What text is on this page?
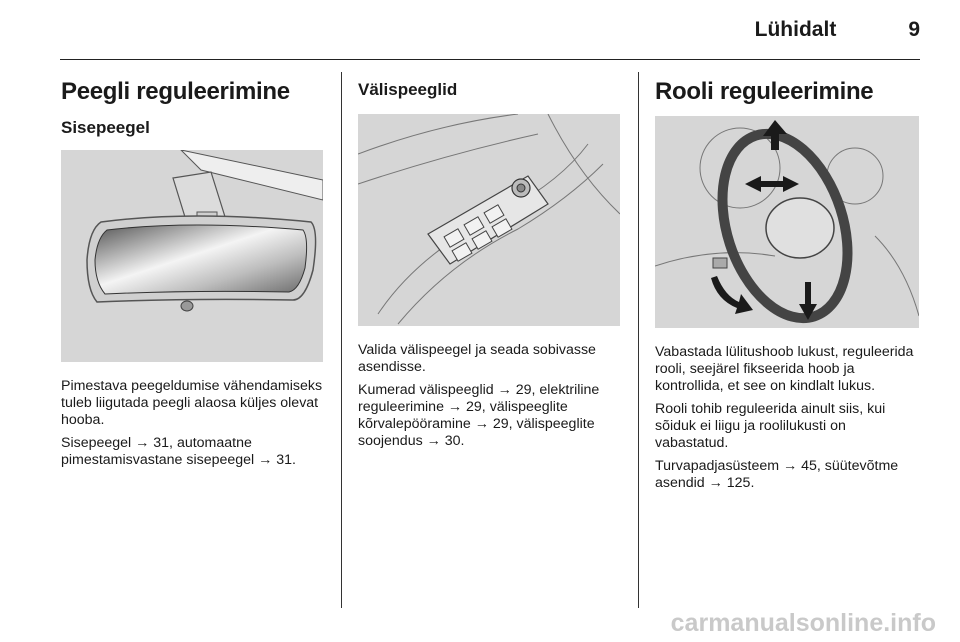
Lühidalt	9
Peegli reguleerimine
Sisepeegel

Pimestava peegeldumise vähendamiseks tuleb liigutada peegli alaosa küljes olevat hooba.

Sisepeegel → 31, automaatne pimestamisvastane sisepeegel → 31.

Välispeeglid

Valida välispeegel ja seada sobivasse asendisse.

Kumerad välispeeglid → 29, elektriline reguleerimine → 29, välispeeglite kõrvalepööramine → 29, välispeeglite soojendus → 30.

Rooli reguleerimine

Vabastada lülitushoob lukust, reguleerida rooli, seejärel fikseerida hoob ja kontrollida, et see on kindlalt lukus.

Rooli tohib reguleerida ainult siis, kui sõiduk ei liigu ja roolilukusti on vabastatud.

Turvapadjasüsteem → 45, süütevõtme asendid → 125.

carmanualsonline.info
